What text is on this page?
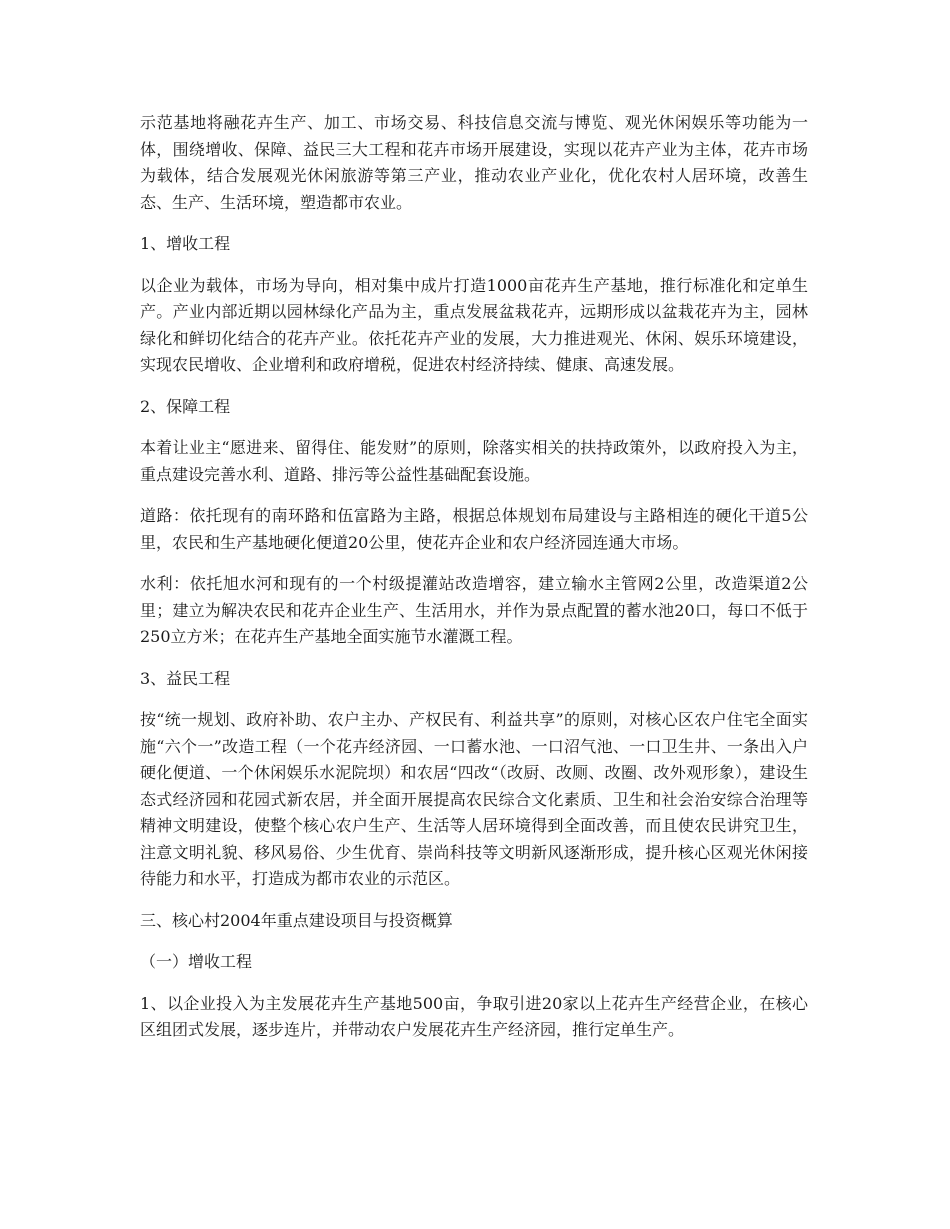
示范基地将融花卉生产、加工、市场交易、科技信息交流与博览、观光休闲娱乐等功能为一体，围绕增收、保障、益民三大工程和花卉市场开展建设，实现以花卉产业为主体，花卉市场为载体，结合发展观光休闲旅游等第三产业，推动农业产业化，优化农村人居环境，改善生态、生产、生活环境，塑造都市农业。

1、增收工程

以企业为载体，市场为导向，相对集中成片打造1000亩花卉生产基地，推行标准化和定单生产。产业内部近期以园林绿化产品为主，重点发展盆栽花卉，远期形成以盆栽花卉为主，园林绿化和鲜切化结合的花卉产业。依托花卉产业的发展，大力推进观光、休闲、娱乐环境建设，实现农民增收、企业增利和政府增税，促进农村经济持续、健康、高速发展。

2、保障工程

本着让业主“愿进来、留得住、能发财”的原则，除落实相关的扶持政策外，以政府投入为主，重点建设完善水利、道路、排污等公益性基础配套设施。

道路：依托现有的南环路和伍富路为主路，根据总体规划布局建设与主路相连的硬化干道5公里，农民和生产基地硬化便道20公里，使花卉企业和农户经济园连通大市场。

水利：依托旭水河和现有的一个村级提灌站改造增容，建立输水主管网2公里，改造渠道2公里；建立为解决农民和花卉企业生产、生活用水，并作为景点配置的蓄水池20口，每口不低于250立方米；在花卉生产基地全面实施节水灌溉工程。

3、益民工程

按“统一规划、政府补助、农户主办、产权民有、利益共享”的原则，对核心区农户住宅全面实施“六个一”改造工程（一个花卉经济园、一口蓄水池、一口沼气池、一口卫生井、一条出入户硬化便道、一个休闲娱乐水泥院坝）和农居“四改“（改厨、改厕、改圈、改外观形象），建设生态式经济园和花园式新农居，并全面开展提高农民综合文化素质、卫生和社会治安综合治理等精神文明建设，使整个核心农户生产、生活等人居环境得到全面改善，而且使农民讲究卫生，注意文明礼貌、移风易俗、少生优育、崇尚科技等文明新风逐渐形成，提升核心区观光休闲接待能力和水平，打造成为都市农业的示范区。

三、核心村2004年重点建设项目与投资概算

（一）增收工程

1、以企业投入为主发展花卉生产基地500亩，争取引进20家以上花卉生产经营企业，在核心区组团式发展，逐步连片，并带动农户发展花卉生产经济园，推行定单生产。
